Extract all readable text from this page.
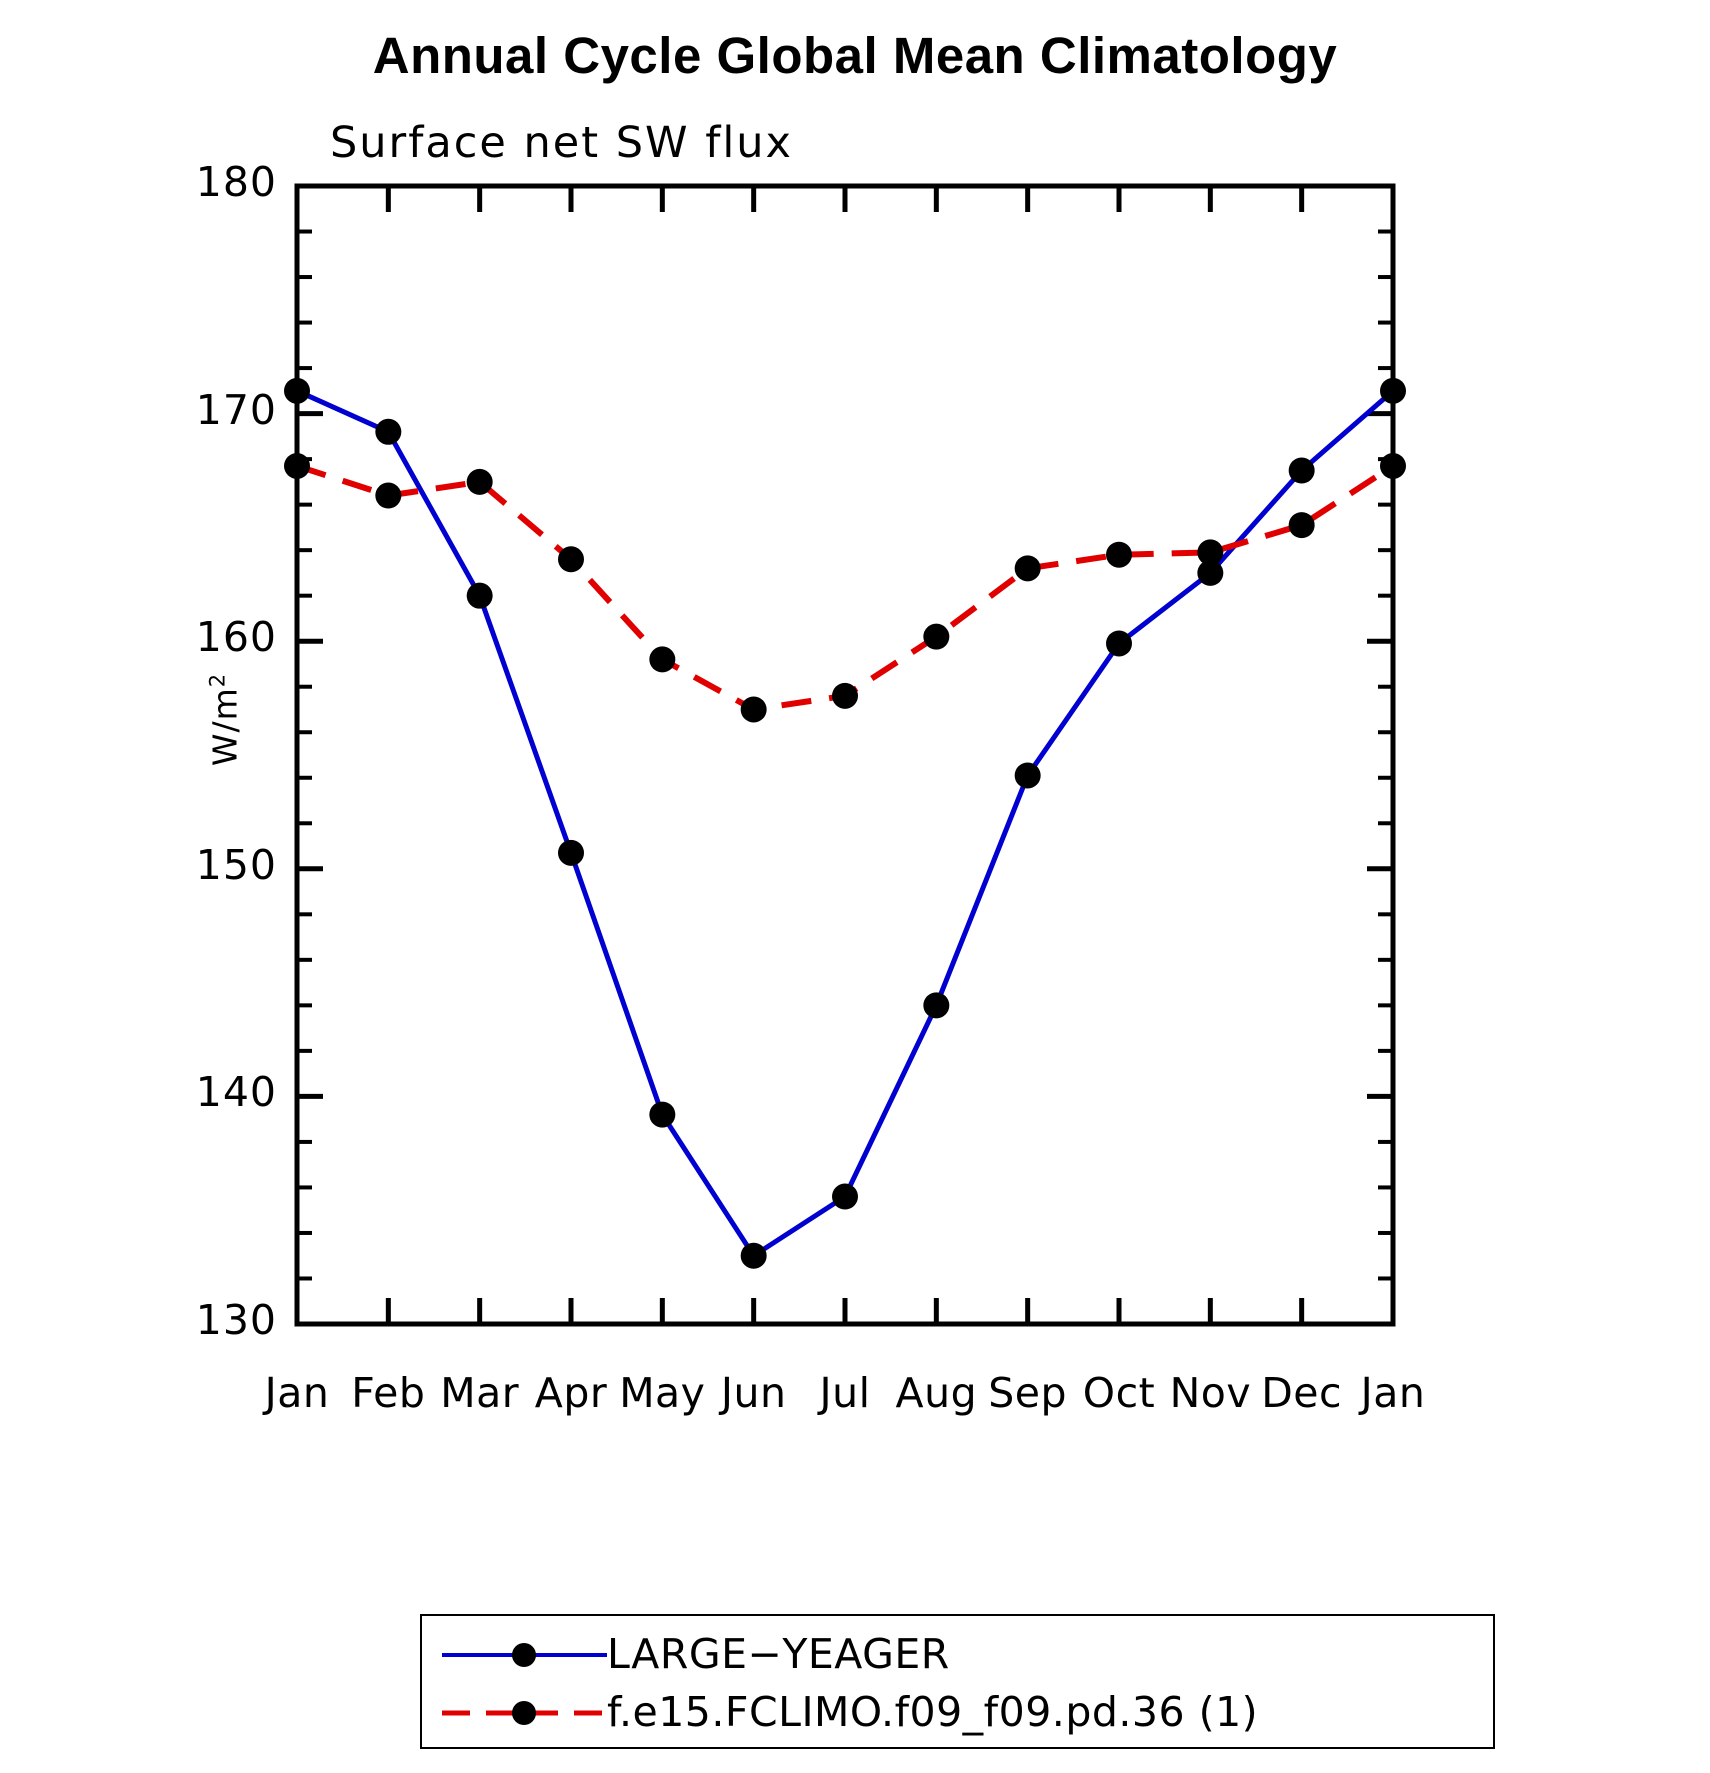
Annual Cycle Global Mean Climatology
Surface net SW flux
$W/m^2$
130
140
150
160
170
180
Jan Feb Mar Apr May Jun Jul Aug Sep Oct Nov Dec Jan
LARGE−YEAGER
f.e15.FCLIMO.f09_f09.pd.36 (1)
